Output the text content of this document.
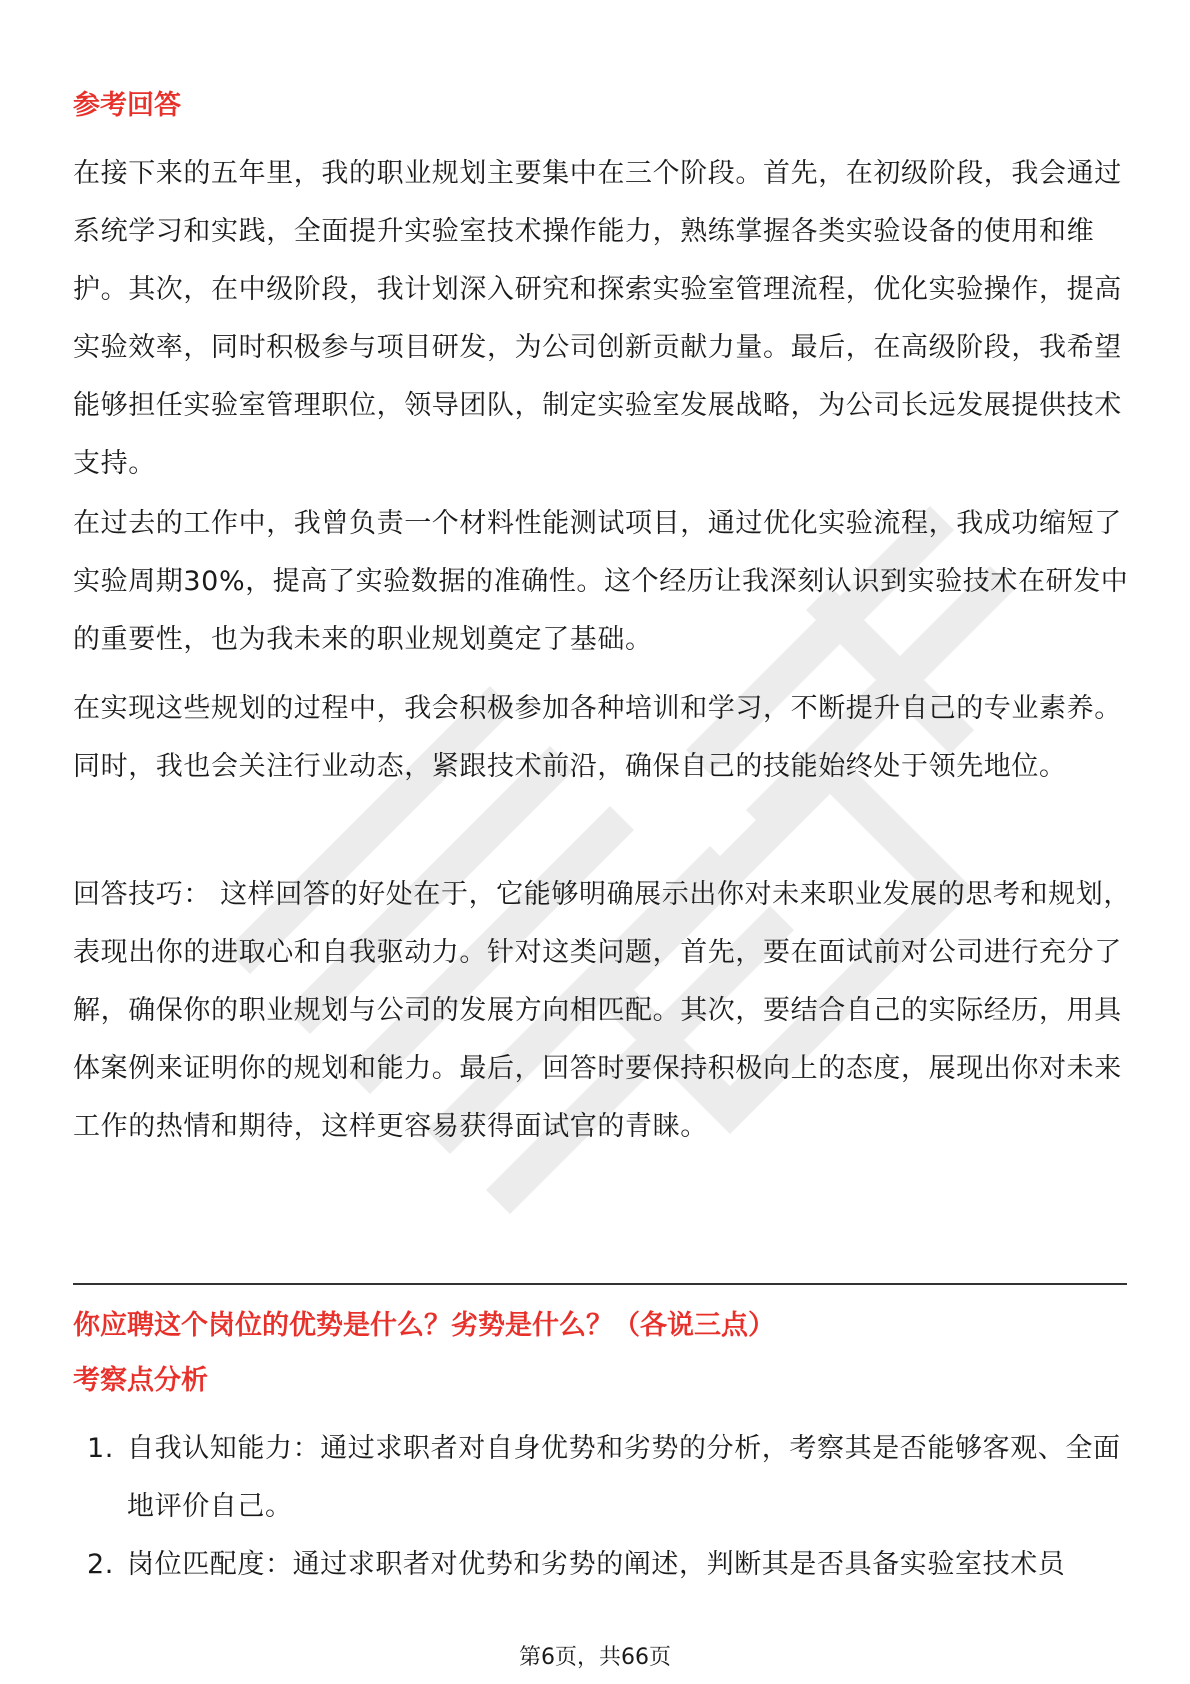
参考回答

在接下来的五年里，我的职业规划主要集中在三个阶段。首先，在初级阶段，我会通过系统学习和实践，全面提升实验室技术操作能力，熟练掌握各类实验设备的使用和维护。其次，在中级阶段，我计划深入研究和探索实验室管理流程，优化实验操作，提高实验效率，同时积极参与项目研发，为公司创新贡献力量。最后，在高级阶段，我希望能够担任实验室管理职位，领导团队，制定实验室发展战略，为公司长远发展提供技术支持。

在过去的工作中，我曾负责一个材料性能测试项目，通过优化实验流程，我成功缩短了实验周期30%，提高了实验数据的准确性。这个经历让我深刻认识到实验技术在研发中的重要性，也为我未来的职业规划奠定了基础。

在实现这些规划的过程中，我会积极参加各种培训和学习，不断提升自己的专业素养。同时，我也会关注行业动态，紧跟技术前沿，确保自己的技能始终处于领先地位。

回答技巧： 这样回答的好处在于，它能够明确展示出你对未来职业发展的思考和规划，表现出你的进取心和自我驱动力。针对这类问题，首先，要在面试前对公司进行充分了解，确保你的职业规划与公司的发展方向相匹配。其次，要结合自己的实际经历，用具体案例来证明你的规划和能力。最后，回答时要保持积极向上的态度，展现出你对未来工作的热情和期待，这样更容易获得面试官的青睐。

你应聘这个岗位的优势是什么？劣势是什么？（各说三点）
考察点分析
1. 自我认知能力：通过求职者对自身优势和劣势的分析，考察其是否能够客观、全面地评价自己。
2. 岗位匹配度：通过求职者对优势和劣势的阐述，判断其是否具备实验室技术员
第6页，共66页
